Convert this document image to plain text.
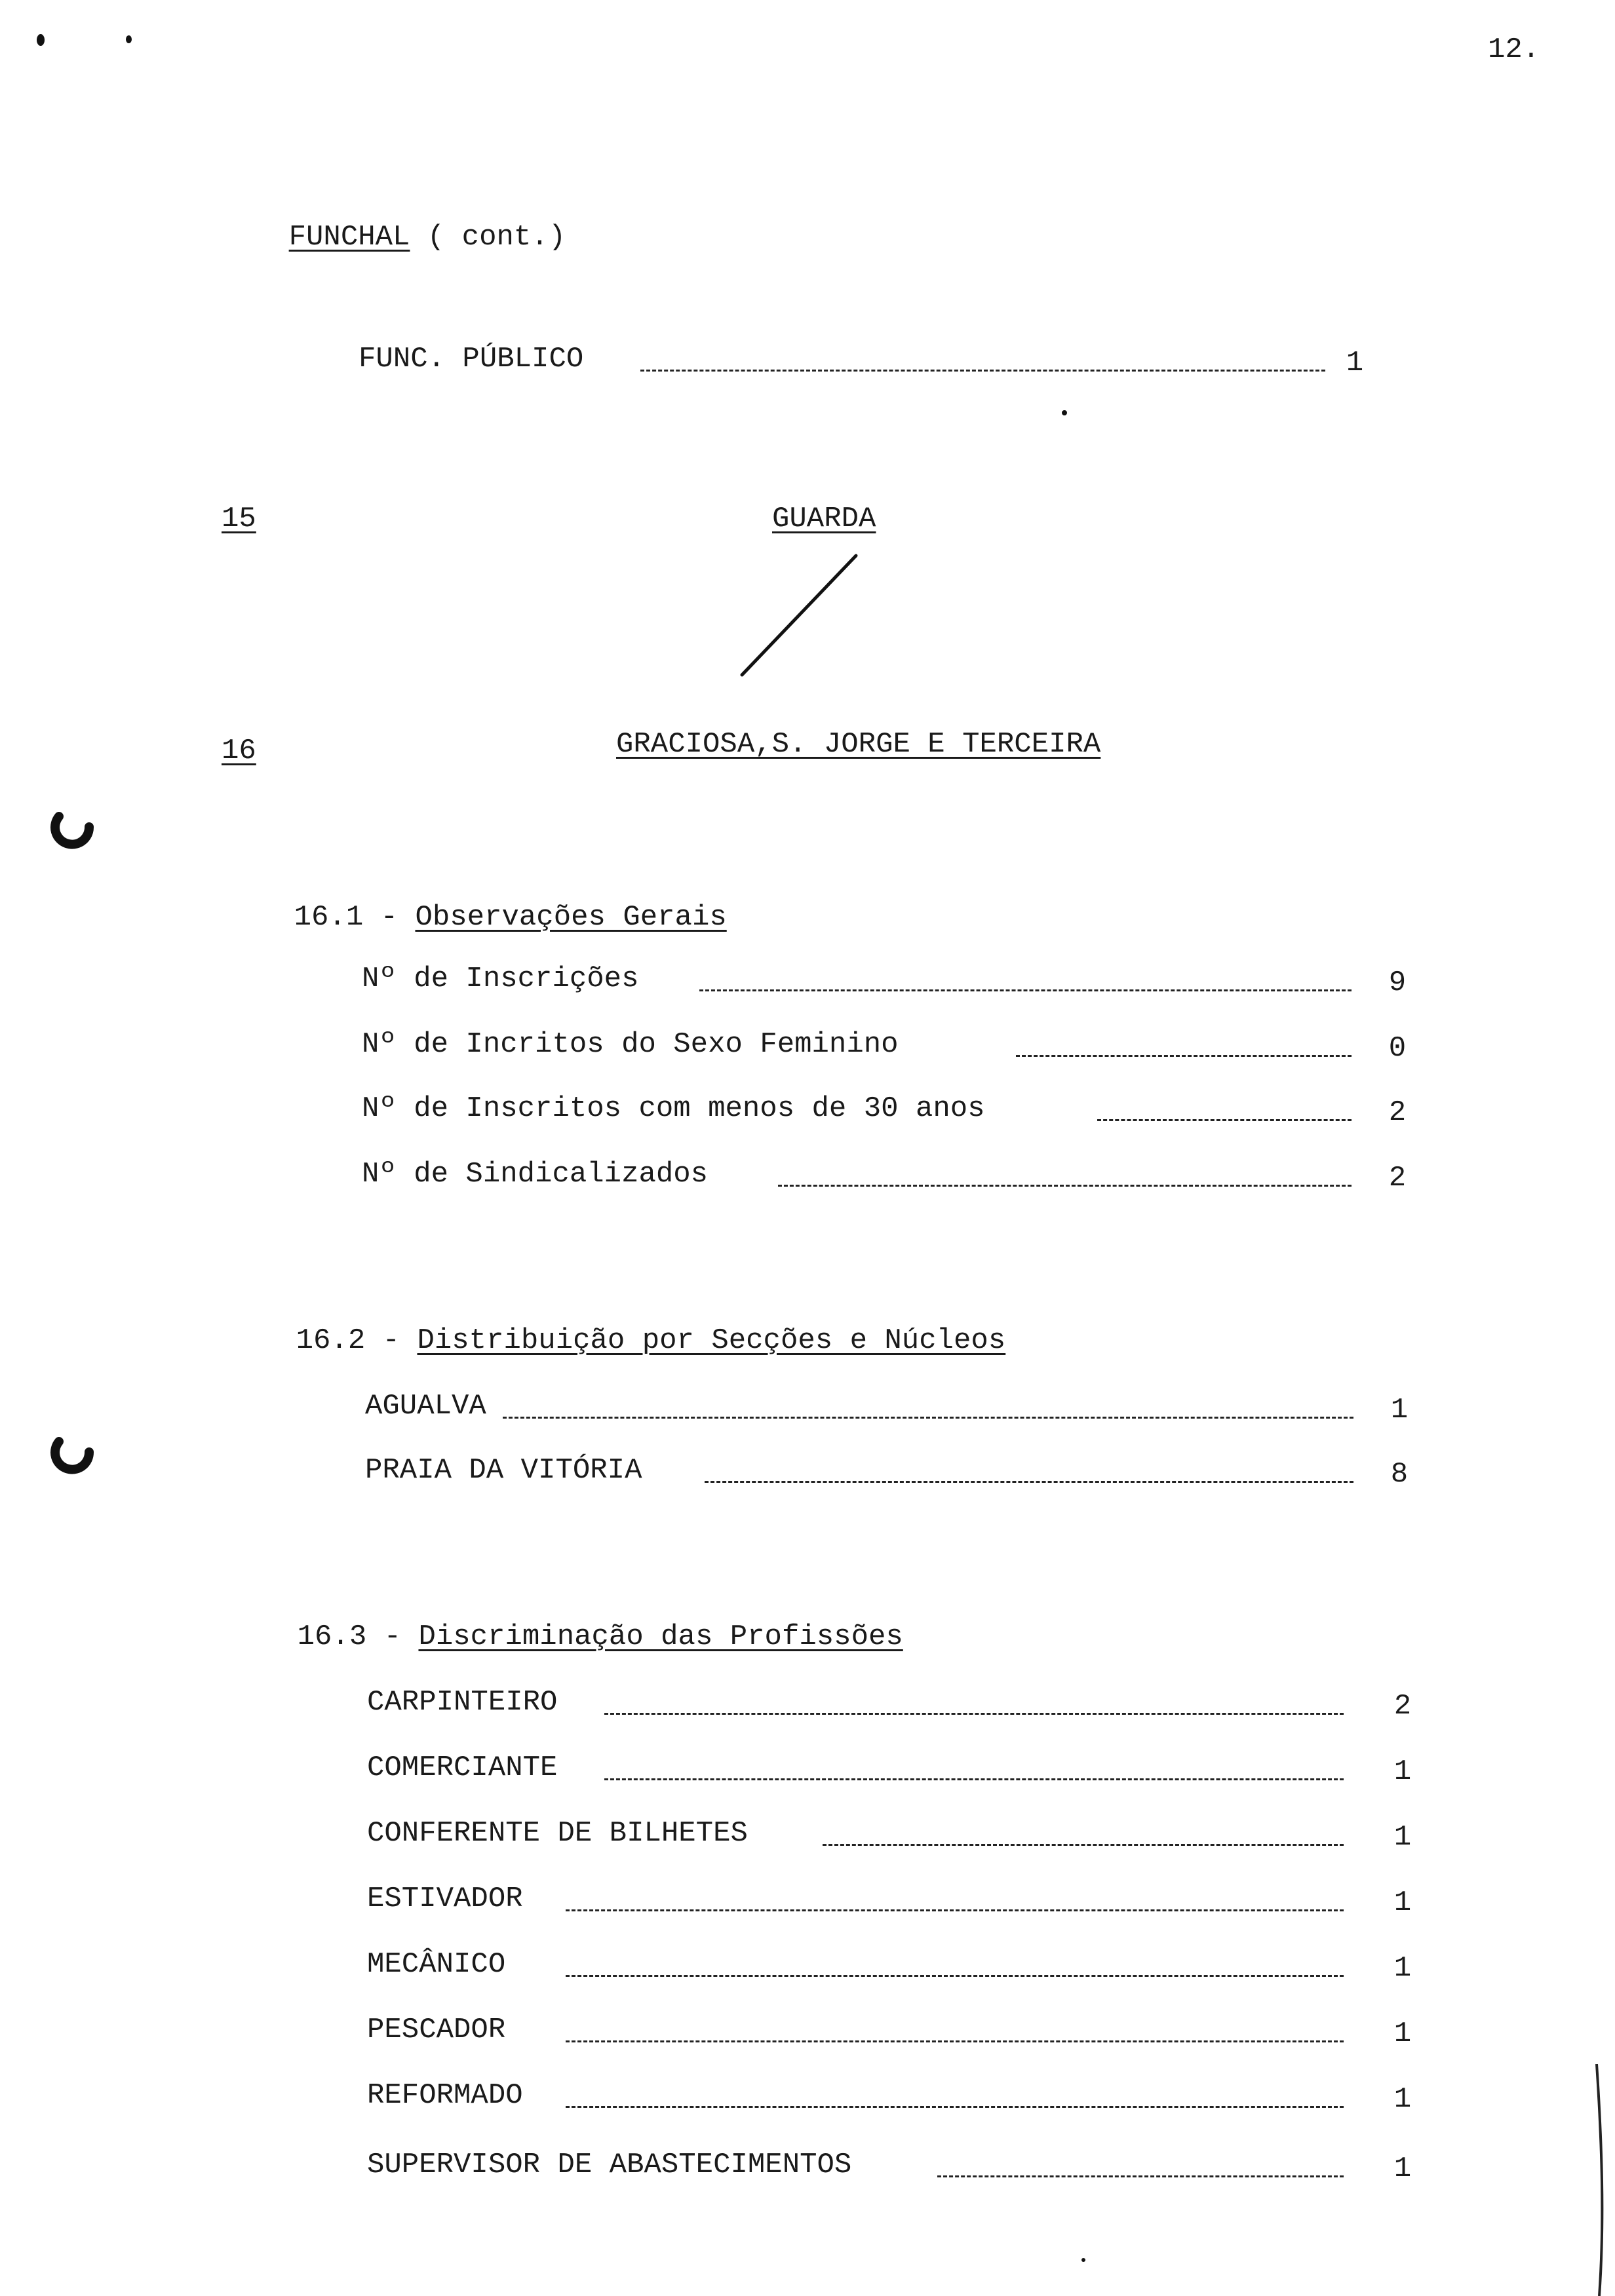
12.

FUNCHAL ( cont.)

FUNC. PÚBLICO	1
15	GUARDA
16	GRACIOSA,S. JORGE E TERCEIRA

16.1 - Observações Gerais

Nº de Inscrições	9
Nº de Incritos do Sexo Feminino	0
Nº de Inscritos com menos de 30 anos	2
Nº de Sindicalizados	2

16.2 - Distribuição por Secções e Núcleos

AGUALVA	1
PRAIA DA VITÓRIA	8

16.3 - Discriminação das Profissões

CARPINTEIRO	2
COMERCIANTE	1
CONFERENTE DE BILHETES	1
ESTIVADOR	1
MECÂNICO	1
PESCADOR	1
REFORMADO	1
SUPERVISOR DE ABASTECIMENTOS	1
